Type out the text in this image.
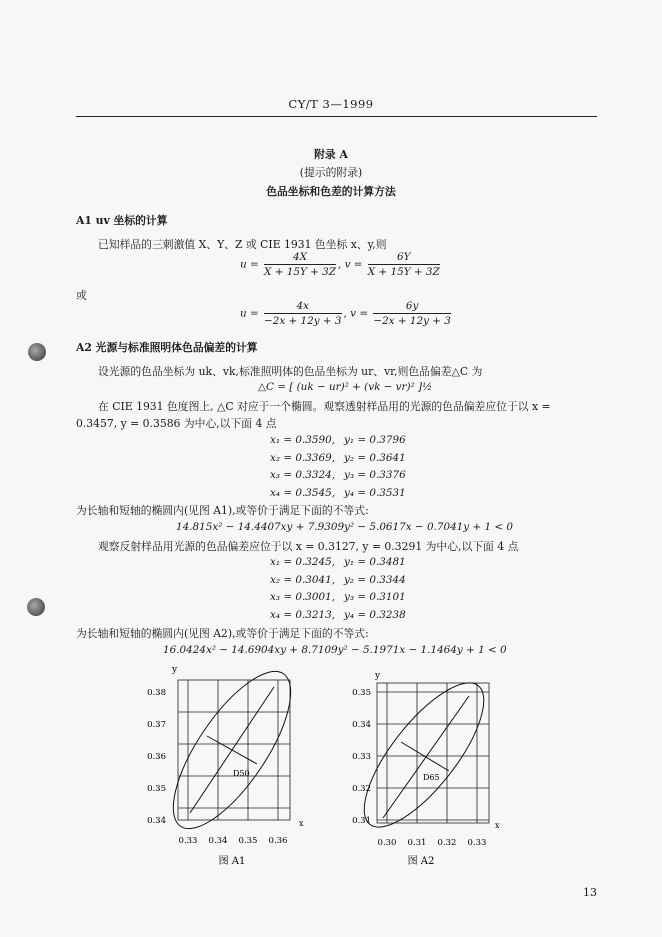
CY/T 3—1999
附录 A
(提示的附录)
色品坐标和色差的计算方法
A1 uv 坐标的计算
已知样品的三刺激值 X、Y、Z 或 CIE 1931 色坐标 x、y,则
$u = \frac{4X}{X + 15Y + 3Z}$ , $v = \frac{6Y}{X + 15Y + 3Z}$
或
$u = \frac{4x}{-2x + 12y + 3}$ , $v = \frac{6y}{-2x + 12y + 3}$
A2 光源与标准照明体色品偏差的计算
设光源的色品坐标为 uk、vk,标准照明体的色品坐标为 ur、vr,则色品偏差△C 为
△C = [ (uk − ur)² + (vk − vr)² ]½
在 CIE 1931 色度图上, △C 对应于一个椭圆。观察透射样品用的光源的色品偏差应位于以 x =
0.3457, y = 0.3586 为中心,以下面 4 点
x₁ = 0.3590, y₁ = 0.3796
x₂ = 0.3369, y₂ = 0.3641
x₃ = 0.3324, y₃ = 0.3376
x₄ = 0.3545, y₄ = 0.3531
为长轴和短轴的椭圆内(见图 A1),或等价于满足下面的不等式:
14.815x² − 14.4407xy + 7.9309y² − 5.0617x − 0.7041y + 1 < 0
观察反射样品用光源的色品偏差应位于以 x = 0.3127, y = 0.3291 为中心,以下面 4 点
x₁ = 0.3245, y₁ = 0.3481
x₂ = 0.3041, y₂ = 0.3344
x₃ = 0.3001, y₃ = 0.3101
x₄ = 0.3213, y₄ = 0.3238
为长轴和短轴的椭圆内(见图 A2),或等价于满足下面的不等式:
16.0424x² − 14.6904xy + 8.7109y² − 5.1971x − 1.1464y + 1 < 0
y
D50
0.38
0.37
0.36
0.35
0.34
0.33 0.34 0.35 0.36
x
图 A1
y
D65
0.35
0.34
0.33
0.32
0.31
0.30 0.31 0.32 0.33
x
图 A2
13
